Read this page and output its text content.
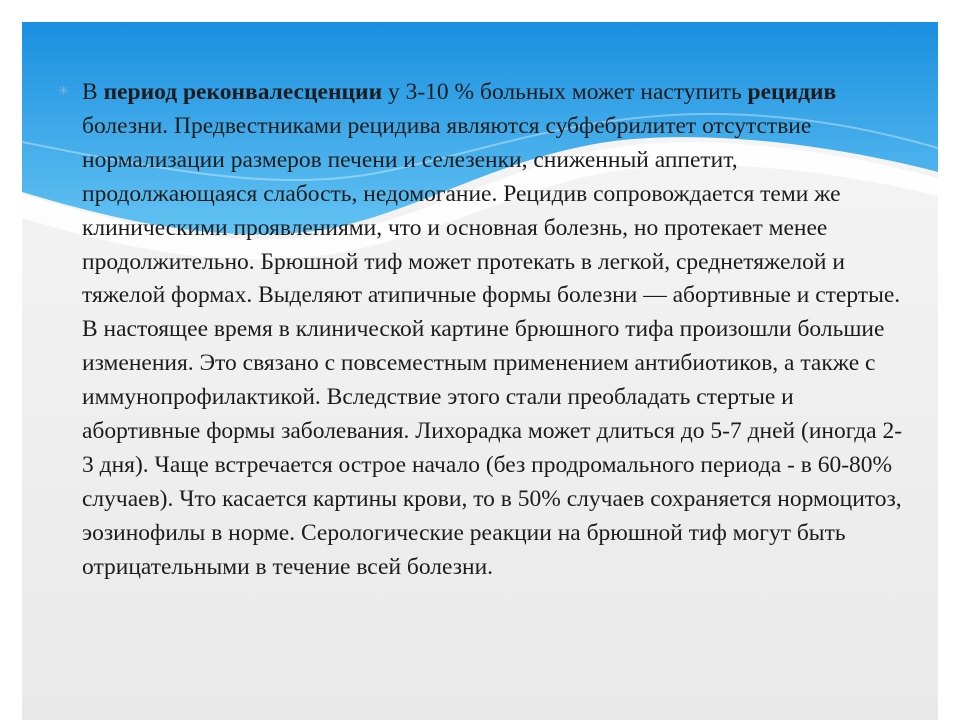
✳ В период реконвалесценции у 3-10 % больных может наступить рецидив болезни. Предвестниками рецидива являются субфебрилитет отсутствие нормализации размеров печени и селезенки, сниженный аппетит, продолжающаяся слабость, недомогание. Рецидив сопровождается теми же клиническими проявлениями, что и основная болезнь, но протекает менее продолжительно. Брюшной тиф может протекать в легкой, среднетяжелой и тяжелой формах. Выделяют атипичные формы болезни — абортивные и стертые. В настоящее время в клинической картине брюшного тифа произошли большие изменения. Это связано с повсеместным применением антибиотиков, а также с иммунопрофилактикой. Вследствие этого стали преобладать стертые и абортивные формы заболевания. Лихорадка может длиться до 5-7 дней (иногда 2-3 дня). Чаще встречается острое начало (без продромального периода - в 60-80% случаев). Что касается картины крови, то в 50% случаев сохраняется нормоцитоз, эозинофилы в норме. Серологические реакции на брюшной тиф могут быть отрицательными в течение всей болезни.
